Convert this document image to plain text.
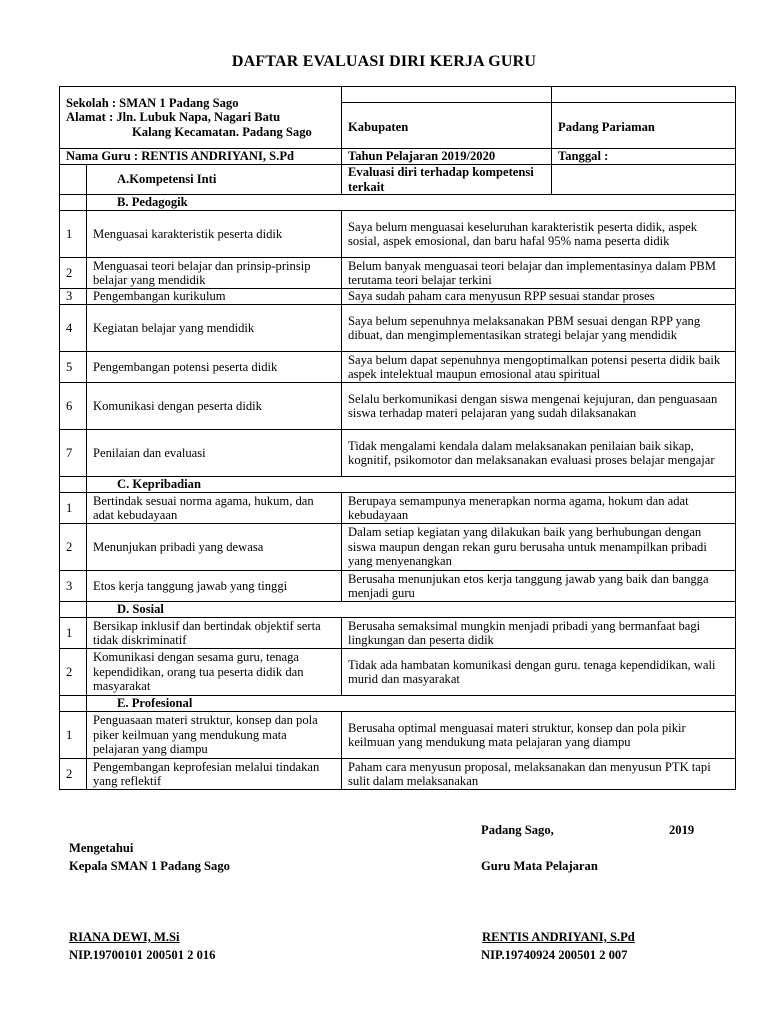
DAFTAR EVALUASI DIRI KERJA GURU
Sekolah : SMAN 1 Padang Sago
Alamat : Jln. Lubuk Napa, Nagari Batu

Kalang Kecamatan. Padang Sago			

		Kabupaten	Padang Pariaman
Nama Guru : RENTIS ANDRIYANI, S.Pd		Tahun Pelajaran 2019/2020	Tanggal :
	A.Kompetensi Inti	Evaluasi diri terhadap kompetensi terkait	
	B. Pedagogik		
1	Menguasai karakteristik peserta didik	Saya belum menguasai keseluruhan karakteristik peserta didik, aspek sosial, aspek emosional, dan baru hafal 95% nama peserta didik	
2	Menguasai teori belajar dan prinsip-prinsip belajar yang mendidik	Belum banyak menguasai teori belajar dan implementasinya dalam PBM terutama teori belajar terkini	
3	Pengembangan kurikulum	Saya sudah paham cara menyusun RPP sesuai standar proses	
4	Kegiatan belajar yang mendidik	Saya belum sepenuhnya melaksanakan PBM sesuai dengan RPP yang dibuat, dan mengimplementasikan strategi belajar yang mendidik	
5	Pengembangan potensi peserta didik	Saya belum dapat sepenuhnya mengoptimalkan potensi peserta didik baik aspek intelektual maupun emosional atau spiritual	
6	Komunikasi dengan peserta didik	Selalu berkomunikasi dengan siswa mengenai kejujuran, dan penguasaan siswa terhadap materi pelajaran yang sudah dilaksanakan	
7	Penilaian dan evaluasi	Tidak mengalami kendala dalam melaksanakan penilaian baik sikap, kognitif, psikomotor dan melaksanakan evaluasi proses belajar mengajar	
	C. Kepribadian		
1	Bertindak sesuai norma agama, hukum, dan adat kebudayaan	Berupaya semampunya menerapkan norma agama, hokum dan adat kebudayaan	
2	Menunjukan pribadi yang dewasa	Dalam setiap kegiatan yang dilakukan baik yang berhubungan dengan siswa maupun dengan rekan guru berusaha untuk menampilkan pribadi yang menyenangkan	
3	Etos kerja tanggung jawab yang tinggi	Berusaha menunjukan etos kerja tanggung jawab yang baik dan bangga menjadi guru	
	D. Sosial		
1	Bersikap inklusif dan bertindak objektif serta tidak diskriminatif	Berusaha semaksimal mungkin menjadi pribadi yang bermanfaat bagi lingkungan dan peserta didik	
2	Komunikasi dengan sesama guru, tenaga kependidikan, orang tua peserta didik dan masyarakat	Tidak ada hambatan komunikasi dengan guru. tenaga kependidikan, wali murid dan masyarakat	
	E. Profesional		
1	Penguasaan materi struktur, konsep dan pola piker keilmuan yang mendukung mata pelajaran yang diampu	Berusaha optimal menguasai materi struktur, konsep dan pola pikir keilmuan yang mendukung mata pelajaran yang diampu	
2	Pengembangan keprofesian melalui tindakan yang reflektif	Paham cara menyusun proposal, melaksanakan dan menyusun PTK tapi sulit dalam melaksanakan	
Padang Sago,	2019
Mengetahui
Kepala SMAN 1 Padang Sago	Guru Mata Pelajaran
RIANA DEWI, M.Si
NIP.19700101 200501 2 016
RENTIS ANDRIYANI, S.Pd
NIP.19740924 200501 2 007
